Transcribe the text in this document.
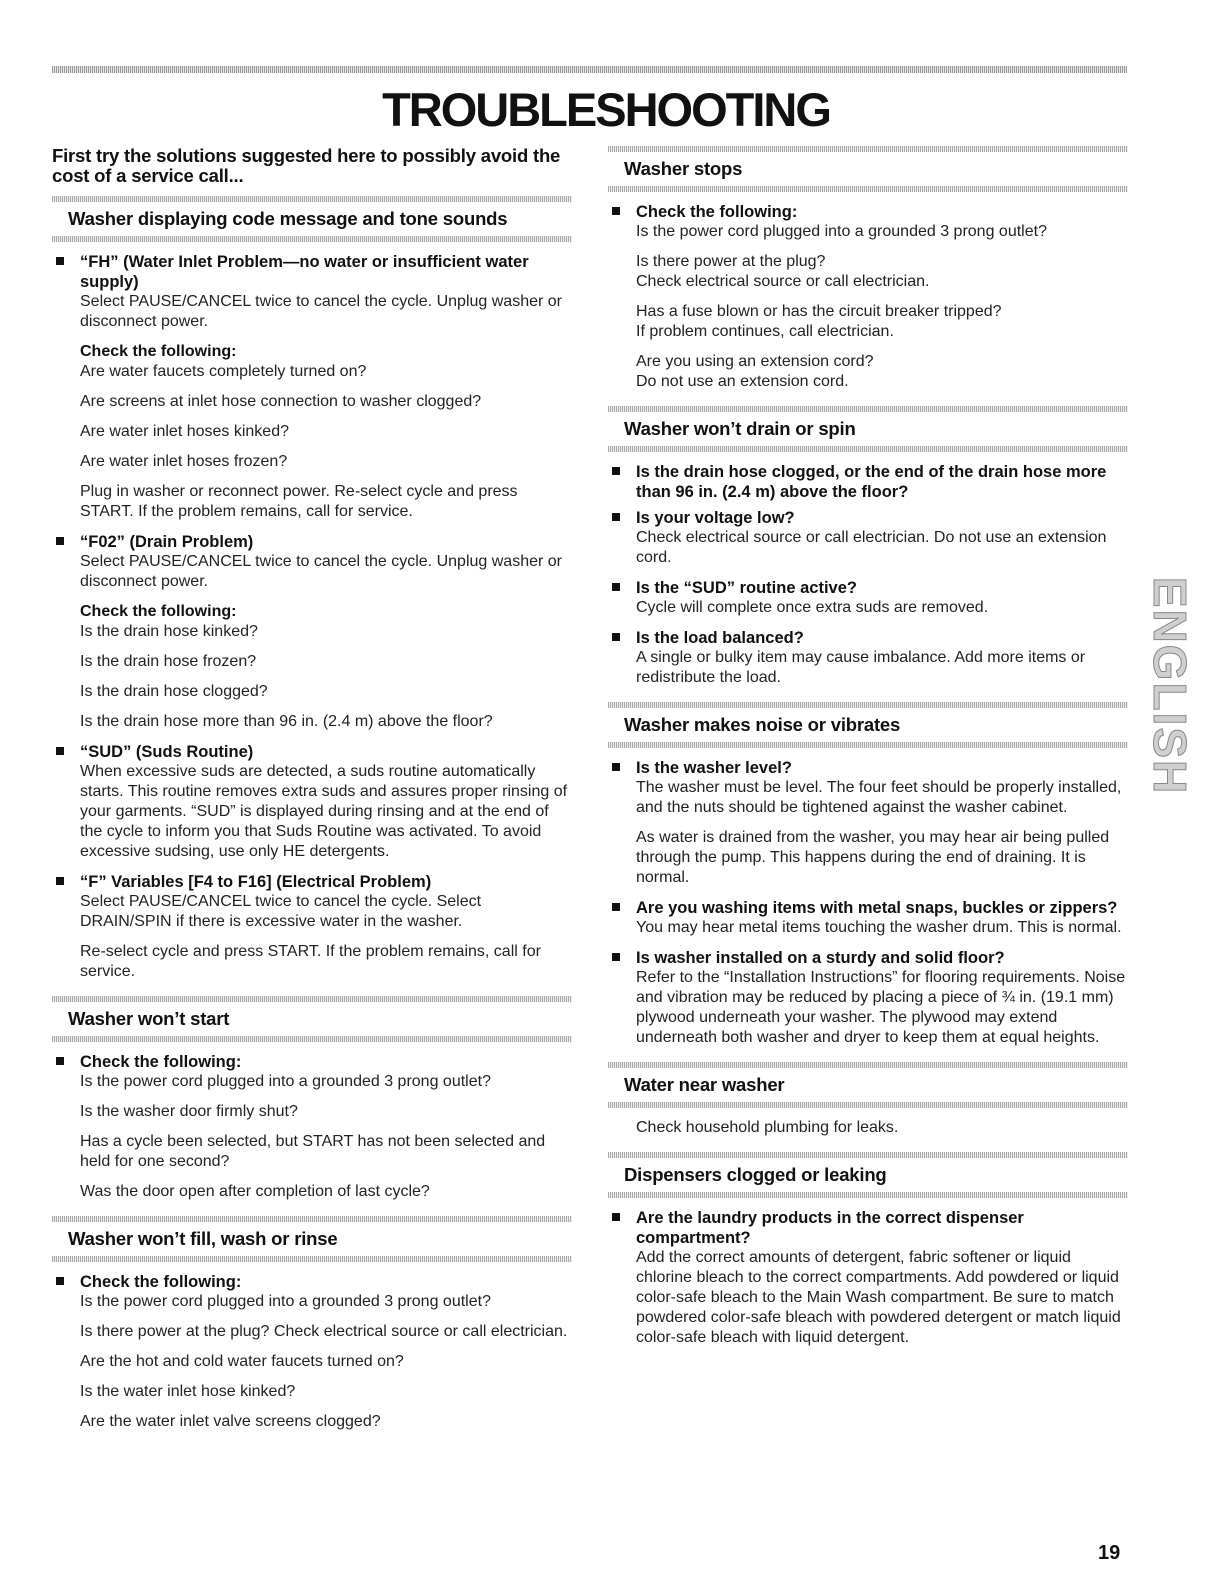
TROUBLESHOOTING
First try the solutions suggested here to possibly avoid the cost of a service call...
Washer displaying code message and tone sounds
“FH” (Water Inlet Problem—no water or insufficient water supply)
Select PAUSE/CANCEL twice to cancel the cycle. Unplug washer or disconnect power.
Check the following:
Are water faucets completely turned on?
Are screens at inlet hose connection to washer clogged?
Are water inlet hoses kinked?
Are water inlet hoses frozen?
Plug in washer or reconnect power. Re-select cycle and press START. If the problem remains, call for service.
“F02” (Drain Problem)
Select PAUSE/CANCEL twice to cancel the cycle. Unplug washer or disconnect power.
Check the following:
Is the drain hose kinked?
Is the drain hose frozen?
Is the drain hose clogged?
Is the drain hose more than 96 in. (2.4 m) above the floor?
“SUD” (Suds Routine)
When excessive suds are detected, a suds routine automatically starts. This routine removes extra suds and assures proper rinsing of your garments. “SUD” is displayed during rinsing and at the end of the cycle to inform you that Suds Routine was activated. To avoid excessive sudsing, use only HE detergents.
“F” Variables [F4 to F16] (Electrical Problem)
Select PAUSE/CANCEL twice to cancel the cycle. Select DRAIN/SPIN if there is excessive water in the washer.
Re-select cycle and press START. If the problem remains, call for service.
Washer won’t start
Check the following:
Is the power cord plugged into a grounded 3 prong outlet?
Is the washer door firmly shut?
Has a cycle been selected, but START has not been selected and held for one second?
Was the door open after completion of last cycle?
Washer won’t fill, wash or rinse
Check the following:
Is the power cord plugged into a grounded 3 prong outlet?
Is there power at the plug? Check electrical source or call electrician.
Are the hot and cold water faucets turned on?
Is the water inlet hose kinked?
Are the water inlet valve screens clogged?
Washer stops
Check the following:
Is the power cord plugged into a grounded 3 prong outlet?
Is there power at the plug?
Check electrical source or call electrician.
Has a fuse blown or has the circuit breaker tripped?
If problem continues, call electrician.
Are you using an extension cord?
Do not use an extension cord.
Washer won’t drain or spin
Is the drain hose clogged, or the end of the drain hose more than 96 in. (2.4 m) above the floor?
Is your voltage low?
Check electrical source or call electrician. Do not use an extension cord.
Is the “SUD” routine active?
Cycle will complete once extra suds are removed.
Is the load balanced?
A single or bulky item may cause imbalance. Add more items or redistribute the load.
Washer makes noise or vibrates
Is the washer level?
The washer must be level. The four feet should be properly installed, and the nuts should be tightened against the washer cabinet.
As water is drained from the washer, you may hear air being pulled through the pump. This happens during the end of draining. It is normal.
Are you washing items with metal snaps, buckles or zippers?
You may hear metal items touching the washer drum. This is normal.
Is washer installed on a sturdy and solid floor?
Refer to the “Installation Instructions” for flooring requirements. Noise and vibration may be reduced by placing a piece of ¾ in. (19.1 mm) plywood underneath your washer. The plywood may extend underneath both washer and dryer to keep them at equal heights.
Water near washer
Check household plumbing for leaks.
Dispensers clogged or leaking
Are the laundry products in the correct dispenser compartment?
Add the correct amounts of detergent, fabric softener or liquid chlorine bleach to the correct compartments. Add powdered or liquid color-safe bleach to the Main Wash compartment. Be sure to match powdered color-safe bleach with powdered detergent or match liquid color-safe bleach with liquid detergent.
ENGLISH
19
